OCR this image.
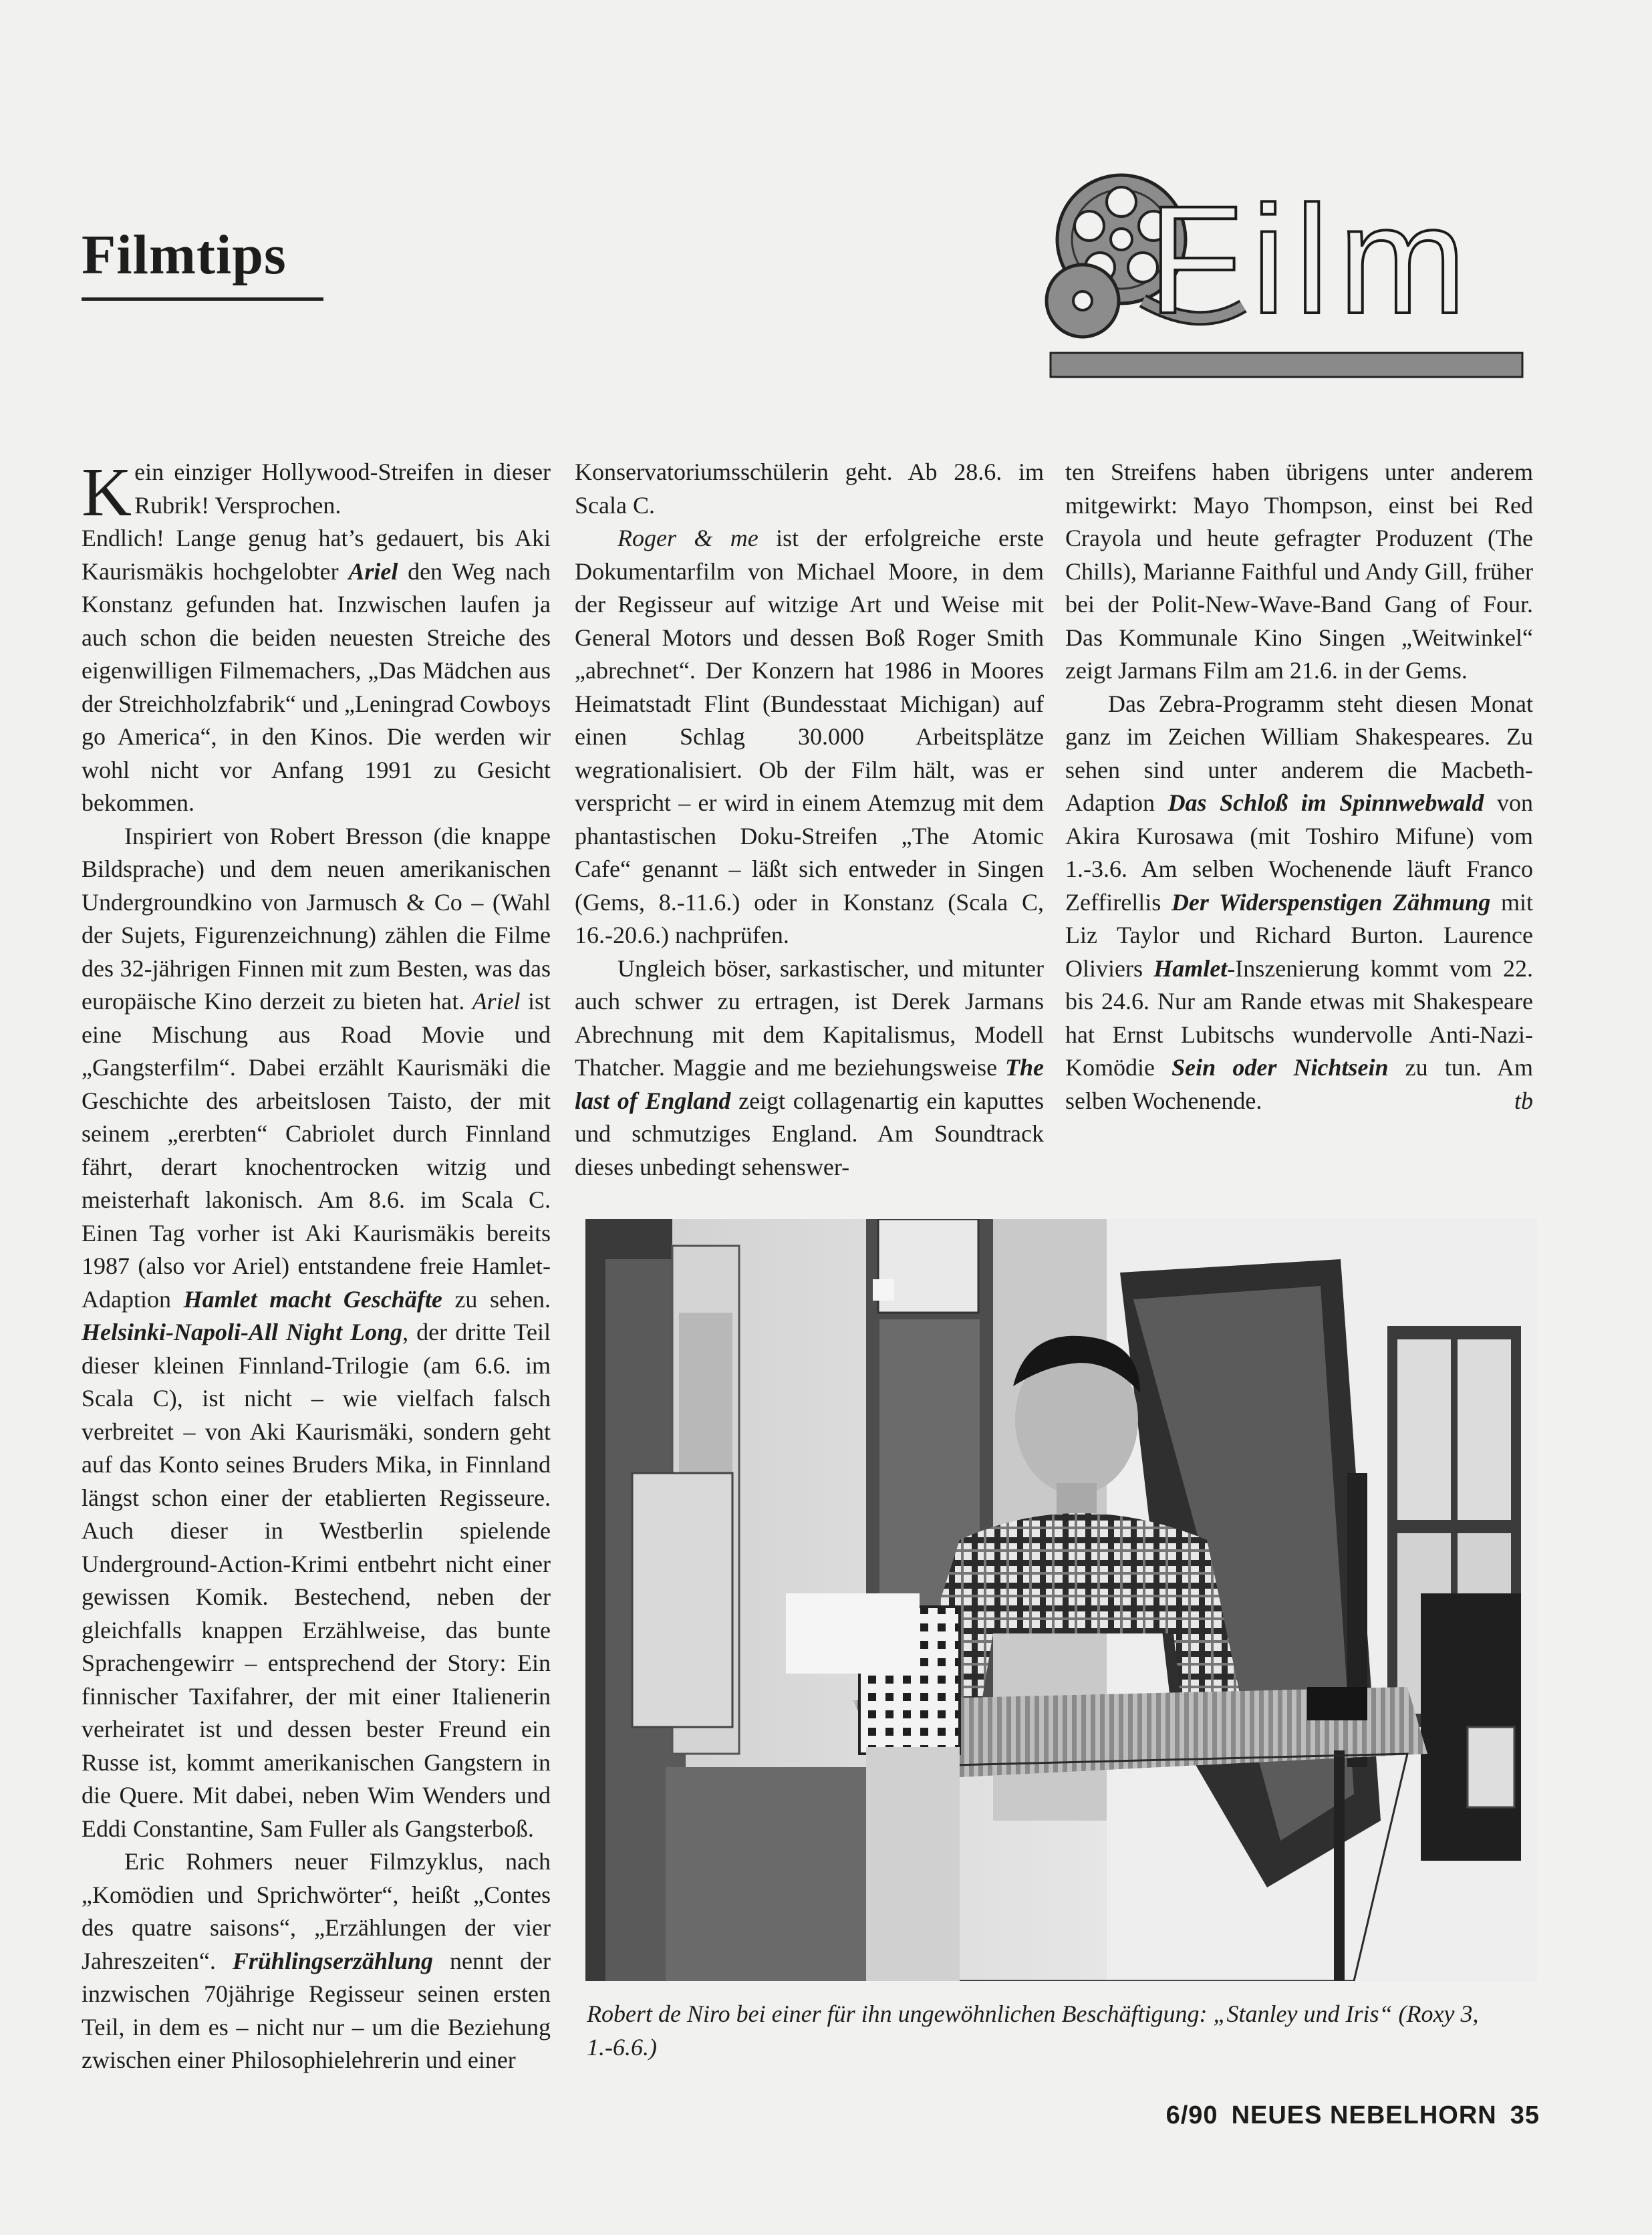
Filmtips	Film

Kein einziger Hollywood-Streifen in dieser Rubrik! Versprochen.

Endlich! Lange genug hat’s gedauert, bis Aki Kaurismäkis hochgelobter Ariel den Weg nach Konstanz gefunden hat. Inzwischen laufen ja auch schon die beiden neuesten Streiche des eigenwilligen Filmemachers, „Das Mädchen aus der Streichholzfabrik“ und „Leningrad Cowboys go America“, in den Kinos. Die werden wir wohl nicht vor Anfang 1991 zu Gesicht bekommen.

Inspiriert von Robert Bresson (die knappe Bildsprache) und dem neuen amerikanischen Undergroundkino von Jarmusch & Co – (Wahl der Sujets, Figurenzeichnung) zählen die Filme des 32-jährigen Finnen mit zum Besten, was das europäische Kino derzeit zu bieten hat. Ariel ist eine Mischung aus Road Movie und „Gangsterfilm“. Dabei erzählt Kaurismäki die Geschichte des arbeitslosen Taisto, der mit seinem „ererbten“ Cabriolet durch Finnland fährt, derart knochentrocken witzig und meisterhaft lakonisch. Am 8.6. im Scala C. Einen Tag vorher ist Aki Kaurismäkis bereits 1987 (also vor Ariel) entstandene freie Hamlet-Adaption Hamlet macht Geschäfte zu sehen. Helsinki-Napoli-All Night Long, der dritte Teil dieser kleinen Finnland-Trilogie (am 6.6. im Scala C), ist nicht – wie vielfach falsch verbreitet – von Aki Kaurismäki, sondern geht auf das Konto seines Bruders Mika, in Finnland längst schon einer der etablierten Regisseure. Auch dieser in Westberlin spielende Underground-Action-Krimi entbehrt nicht einer gewissen Komik. Bestechend, neben der gleichfalls knappen Erzählweise, das bunte Sprachengewirr – entsprechend der Story: Ein finnischer Taxifahrer, der mit einer Italienerin verheiratet ist und dessen bester Freund ein Russe ist, kommt amerikanischen Gangstern in die Quere. Mit dabei, neben Wim Wenders und Eddi Constantine, Sam Fuller als Gangsterboß.

Eric Rohmers neuer Filmzyklus, nach „Komödien und Sprichwörter“, heißt „Contes des quatre saisons“, „Erzählungen der vier Jahreszeiten“. Frühlingserzählung nennt der inzwischen 70jährige Regisseur seinen ersten Teil, in dem es – nicht nur – um die Beziehung zwischen einer Philosophielehrerin und einer

Konservatoriumsschülerin geht. Ab 28.6. im Scala C.

Roger & me ist der erfolgreiche erste Dokumentarfilm von Michael Moore, in dem der Regisseur auf witzige Art und Weise mit General Motors und dessen Boß Roger Smith „abrechnet“. Der Konzern hat 1986 in Moores Heimatstadt Flint (Bundesstaat Michigan) auf einen Schlag 30.000 Arbeitsplätze wegrationalisiert. Ob der Film hält, was er verspricht – er wird in einem Atemzug mit dem phantastischen Doku-Streifen „The Atomic Cafe“ genannt – läßt sich entweder in Singen (Gems, 8.-11.6.) oder in Konstanz (Scala C, 16.-20.6.) nachprüfen.

Ungleich böser, sarkastischer, und mitunter auch schwer zu ertragen, ist Derek Jarmans Abrechnung mit dem Kapitalismus, Modell Thatcher. Maggie and me beziehungsweise The last of England zeigt collagenartig ein kaputtes und schmutziges England. Am Soundtrack dieses unbedingt sehenswer-

ten Streifens haben übrigens unter anderem mitgewirkt: Mayo Thompson, einst bei Red Crayola und heute gefragter Produzent (The Chills), Marianne Faithful und Andy Gill, früher bei der Polit-New-Wave-Band Gang of Four. Das Kommunale Kino Singen „Weitwinkel“ zeigt Jarmans Film am 21.6. in der Gems.

Das Zebra-Programm steht diesen Monat ganz im Zeichen William Shakespeares. Zu sehen sind unter anderem die Macbeth-Adaption Das Schloß im Spinnwebwald von Akira Kurosawa (mit Toshiro Mifune) vom 1.-3.6. Am selben Wochenende läuft Franco Zeffirellis Der Widerspenstigen Zähmung mit Liz Taylor und Richard Burton. Laurence Oliviers Hamlet-Inszenierung kommt vom 22. bis 24.6. Nur am Rande etwas mit Shakespeare hat Ernst Lubitschs wundervolle Anti-Nazi-Komödie Sein oder Nichtsein zu tun. Am selben Wochenende.	tb

Robert de Niro bei einer für ihn ungewöhnlichen Beschäftigung: „Stanley und Iris“ (Roxy 3, 1.-6.6.)
6/90 NEUES NEBELHORN 35
